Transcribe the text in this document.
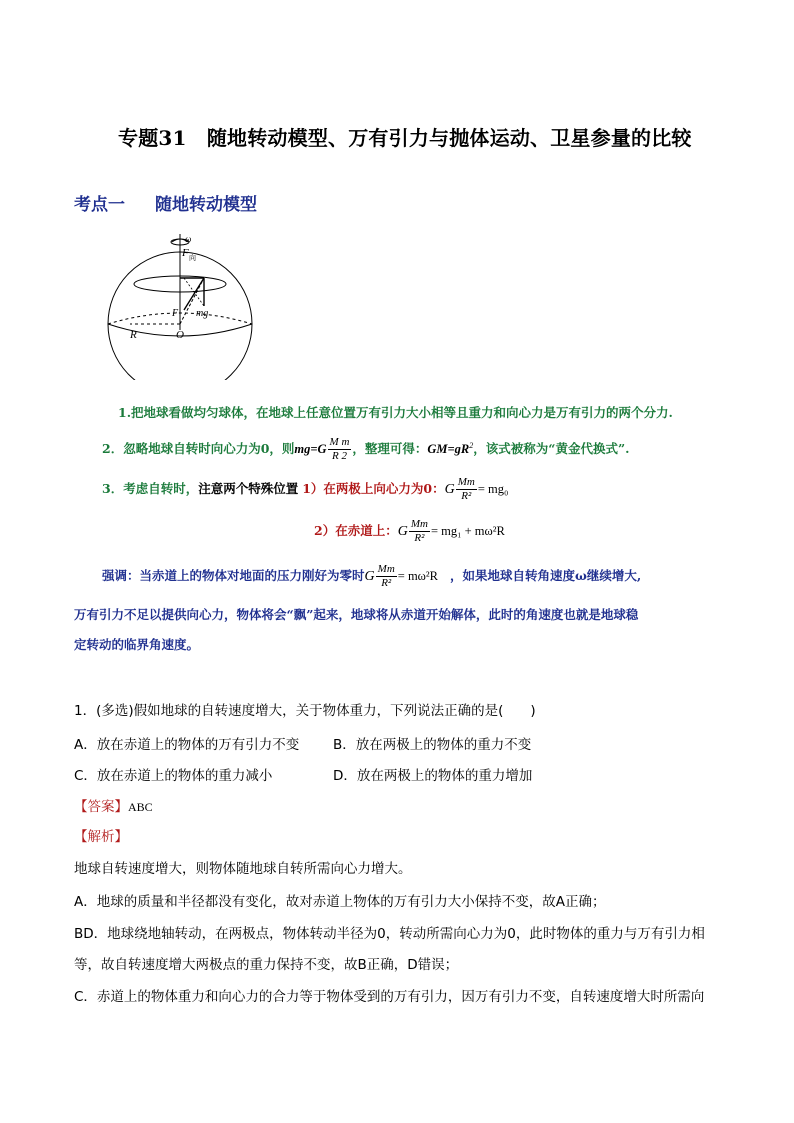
专题31　随地转动模型、万有引力与抛体运动、卫星参量的比较
考点一 随地转动模型
ω
F 向
mg
F
O
R
1.把地球看做均匀球体，在地球上任意位置万有引力大小相等且重力和向心力是万有引力的两个分力.
2．忽略地球自转时向心力为0，则$mg=G \frac{\text{M m}}{R 2}$ ，整理可得：$GM=gR^2$，该式被称为“黄金代换式”.
3．考虑自转时，注意两个特殊位置 1）在两极上向心力为0：G $\frac{Mm}{\text{R²}} = mg_0$
2）在赤道上：G $\frac{Mm}{\text{R²}} = mg_1 + m\omega^2R$
强调：当赤道上的物体对地面的压力刚好为零时G $\frac{Mm}{\text{R²}} = m\omega^2R$ ，如果地球自转角速度ω继续增大,
万有引力不足以提供向心力，物体将会“飘”起来，地球将从赤道开始解体，此时的角速度也就是地球稳
定转动的临界角速度。
1．(多选)假如地球的自转速度增大，关于物体重力，下列说法正确的是(　　)
A．放在赤道上的物体的万有引力不变	B．放在两极上的物体的重力不变
C．放在赤道上的物体的重力减小	D．放在两极上的物体的重力增加
【答案】ABC
【解析】
地球自转速度增大，则物体随地球自转所需向心力增大。
A．地球的质量和半径都没有变化，故对赤道上物体的万有引力大小保持不变，故A正确；
BD．地球绕地轴转动，在两极点，物体转动半径为0，转动所需向心力为0，此时物体的重力与万有引力相
等，故自转速度增大两极点的重力保持不变，故B正确，D错误；
C．赤道上的物体重力和向心力的合力等于物体受到的万有引力，因万有引力不变，自转速度增大时所需向
